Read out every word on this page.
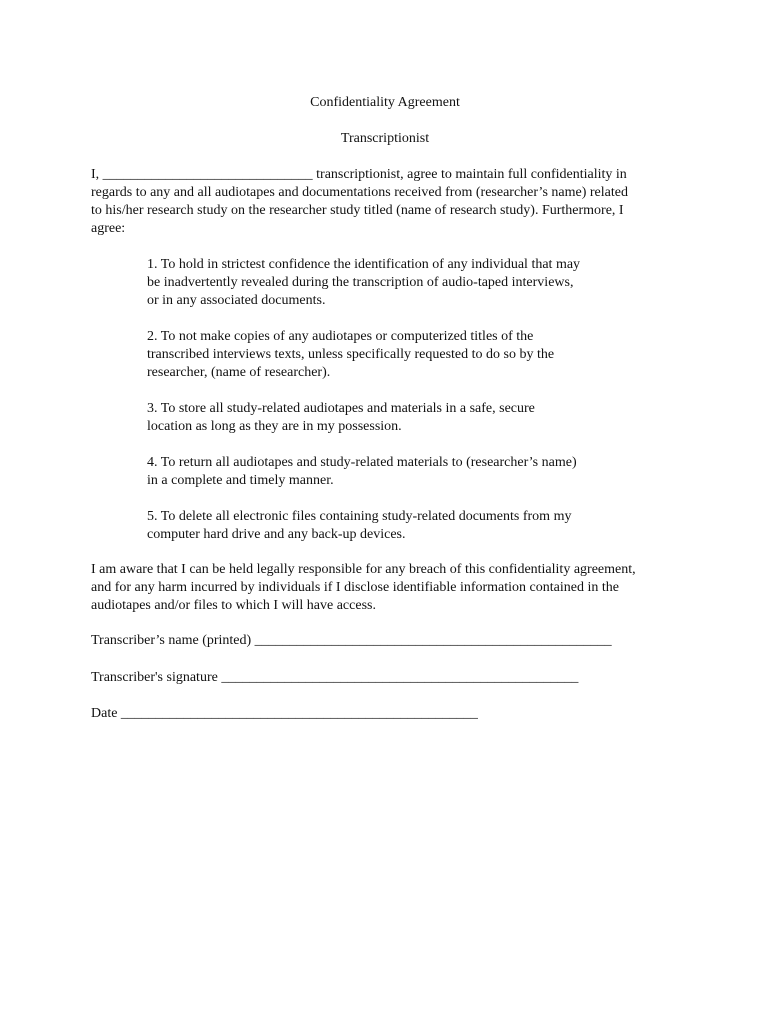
Confidentiality Agreement
Transcriptionist
I, ______________________________ transcriptionist, agree to maintain full confidentiality in
regards to any and all audiotapes and documentations received from (researcher’s name) related
to his/her research study on the researcher study titled (name of research study). Furthermore, I
agree:
1. To hold in strictest confidence the identification of any individual that may
be inadvertently revealed during the transcription of audio-taped interviews,
or in any associated documents.
2. To not make copies of any audiotapes or computerized titles of the
transcribed interviews texts, unless specifically requested to do so by the
researcher, (name of researcher).
3. To store all study-related audiotapes and materials in a safe, secure
location as long as they are in my possession.
4. To return all audiotapes and study-related materials to (researcher’s name)
in a complete and timely manner.
5. To delete all electronic files containing study-related documents from my
computer hard drive and any back-up devices.
I am aware that I can be held legally responsible for any breach of this confidentiality agreement,
and for any harm incurred by individuals if I disclose identifiable information contained in the
audiotapes and/or files to which I will have access.
Transcriber’s name (printed) ___________________________________________________
Transcriber's signature ___________________________________________________
Date ___________________________________________________
